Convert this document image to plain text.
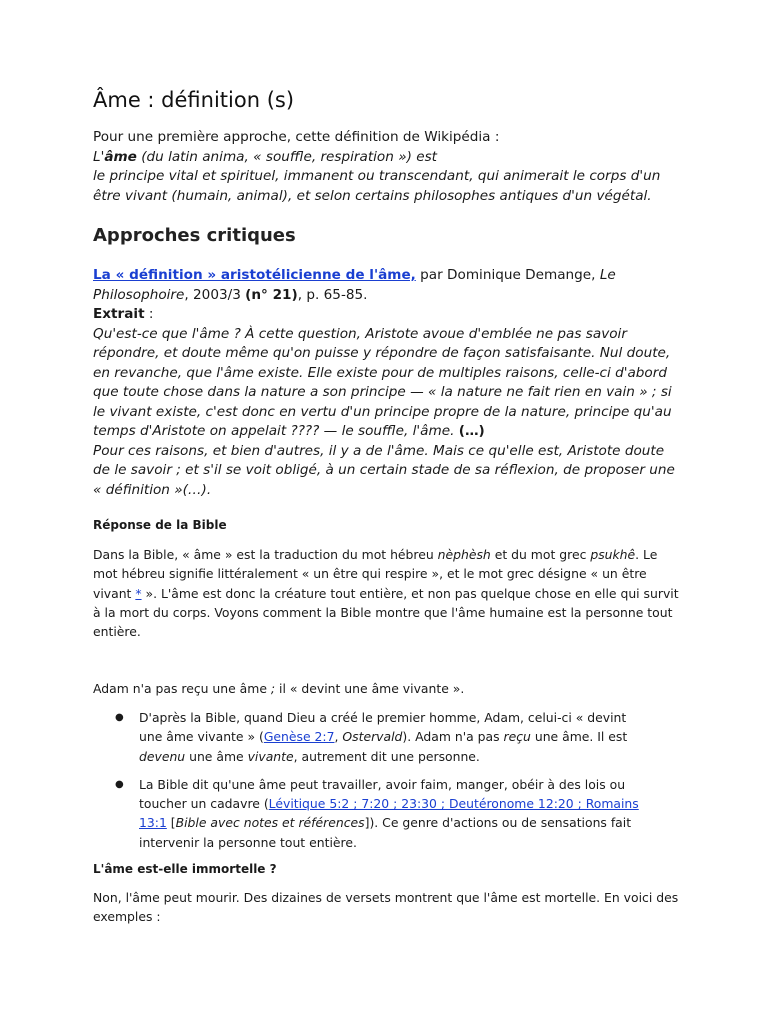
Âme : définition (s)

Pour une première approche, cette définition de Wikipédia :
L'âme (du latin anima, « souffle, respiration ») est
le principe vital et spirituel, immanent ou transcendant, qui animerait le corps d'un être vivant (humain, animal), et selon certains philosophes antiques d'un végétal.

Approches critiques

La « définition » aristotélicienne de l'âme, par Dominique Demange, Le Philosophoire, 2003/3 (n° 21), p. 65-85.
Extrait :
Qu'est-ce que l'âme ? À cette question, Aristote avoue d'emblée ne pas savoir répondre, et doute même qu'on puisse y répondre de façon satisfaisante. Nul doute, en revanche, que l'âme existe. Elle existe pour de multiples raisons, celle-ci d'abord que toute chose dans la nature a son principe — « la nature ne fait rien en vain » ; si le vivant existe, c'est donc en vertu d'un principe propre de la nature, principe qu'au temps d'Aristote on appelait ???? — le souffle, l'âme. (…)
Pour ces raisons, et bien d'autres, il y a de l'âme. Mais ce qu'elle est, Aristote doute de le savoir ; et s'il se voit obligé, à un certain stade de sa réflexion, de proposer une « définition »(…).

Réponse de la Bible

Dans la Bible, « âme » est la traduction du mot hébreu nèphèsh et du mot grec psukhê. Le mot hébreu signifie littéralement « un être qui respire », et le mot grec désigne « un être vivant * ». L'âme est donc la créature tout entière, et non pas quelque chose en elle qui survit à la mort du corps. Voyons comment la Bible montre que l'âme humaine est la personne tout entière.

Adam n'a pas reçu une âme ; il « devint une âme vivante ».

● D'après la Bible, quand Dieu a créé le premier homme, Adam, celui-ci « devint une âme vivante » (Genèse 2:7, Ostervald). Adam n'a pas reçu une âme. Il est devenu une âme vivante, autrement dit une personne.
● La Bible dit qu'une âme peut travailler, avoir faim, manger, obéir à des lois ou toucher un cadavre (Lévitique 5:2 ; 7:20 ; 23:30 ; Deutéronome 12:20 ; Romains 13:1 [Bible avec notes et références]). Ce genre d'actions ou de sensations fait intervenir la personne tout entière.
L'âme est-elle immortelle ?

Non, l'âme peut mourir. Des dizaines de versets montrent que l'âme est mortelle. En voici des exemples :
